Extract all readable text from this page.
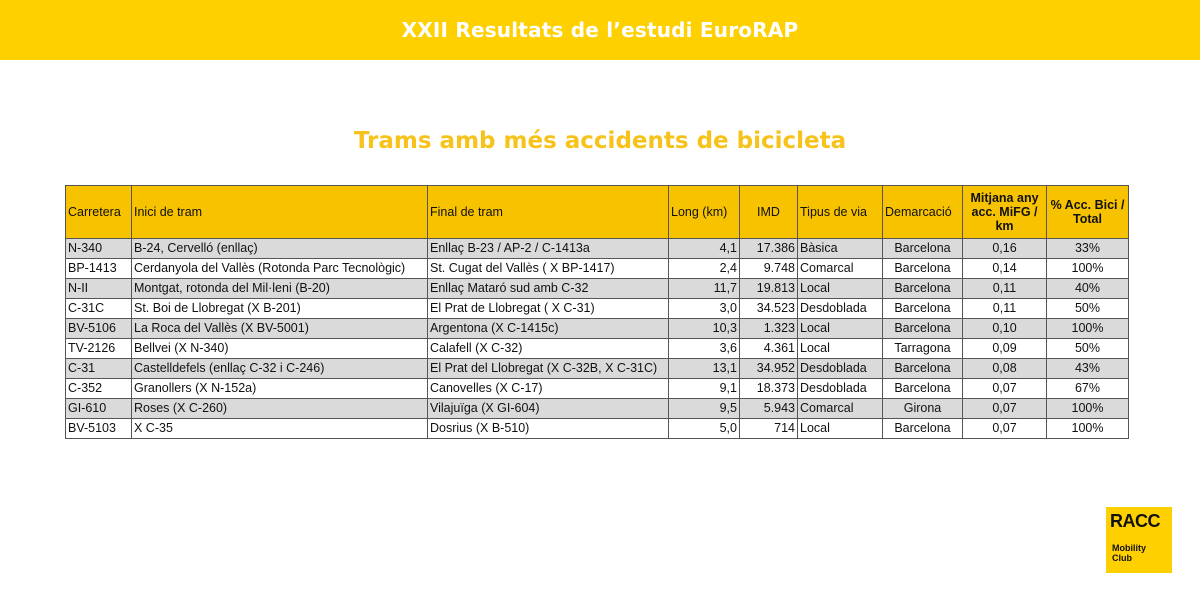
XXII Resultats de l’estudi EuroRAP
Trams amb més accidents de bicicleta
Carretera	Inici de tram	Final de tram	Long (km)	IMD	Tipus de via	Demarcació	Mitjana any acc. MiFG / km	% Acc. Bici / Total
N-340	B-24, Cervelló (enllaç)	Enllaç B-23 / AP-2 / C-1413a	4,1	17.386	Bàsica	Barcelona	0,16	33%
BP-1413	Cerdanyola del Vallès (Rotonda Parc Tecnològic)	St. Cugat del Vallès ( X BP-1417)	2,4	9.748	Comarcal	Barcelona	0,14	100%
N-II	Montgat, rotonda del Mil·leni (B-20)	Enllaç Mataró sud amb C-32	11,7	19.813	Local	Barcelona	0,11	40%
C-31C	St. Boi de Llobregat (X B-201)	El Prat de Llobregat ( X C-31)	3,0	34.523	Desdoblada	Barcelona	0,11	50%
BV-5106	La Roca del Vallès (X BV-5001)	Argentona (X C-1415c)	10,3	1.323	Local	Barcelona	0,10	100%
TV-2126	Bellvei (X N-340)	Calafell (X C-32)	3,6	4.361	Local	Tarragona	0,09	50%
C-31	Castelldefels (enllaç C-32 i C-246)	El Prat del Llobregat (X C-32B, X C-31C)	13,1	34.952	Desdoblada	Barcelona	0,08	43%
C-352	Granollers (X N-152a)	Canovelles (X C-17)	9,1	18.373	Desdoblada	Barcelona	0,07	67%
GI-610	Roses (X C-260)	Vilajuïga (X GI-604)	9,5	5.943	Comarcal	Girona	0,07	100%
BV-5103	X C-35	Dosrius (X B-510)	5,0	714	Local	Barcelona	0,07	100%
RACC
Mobility
Club
